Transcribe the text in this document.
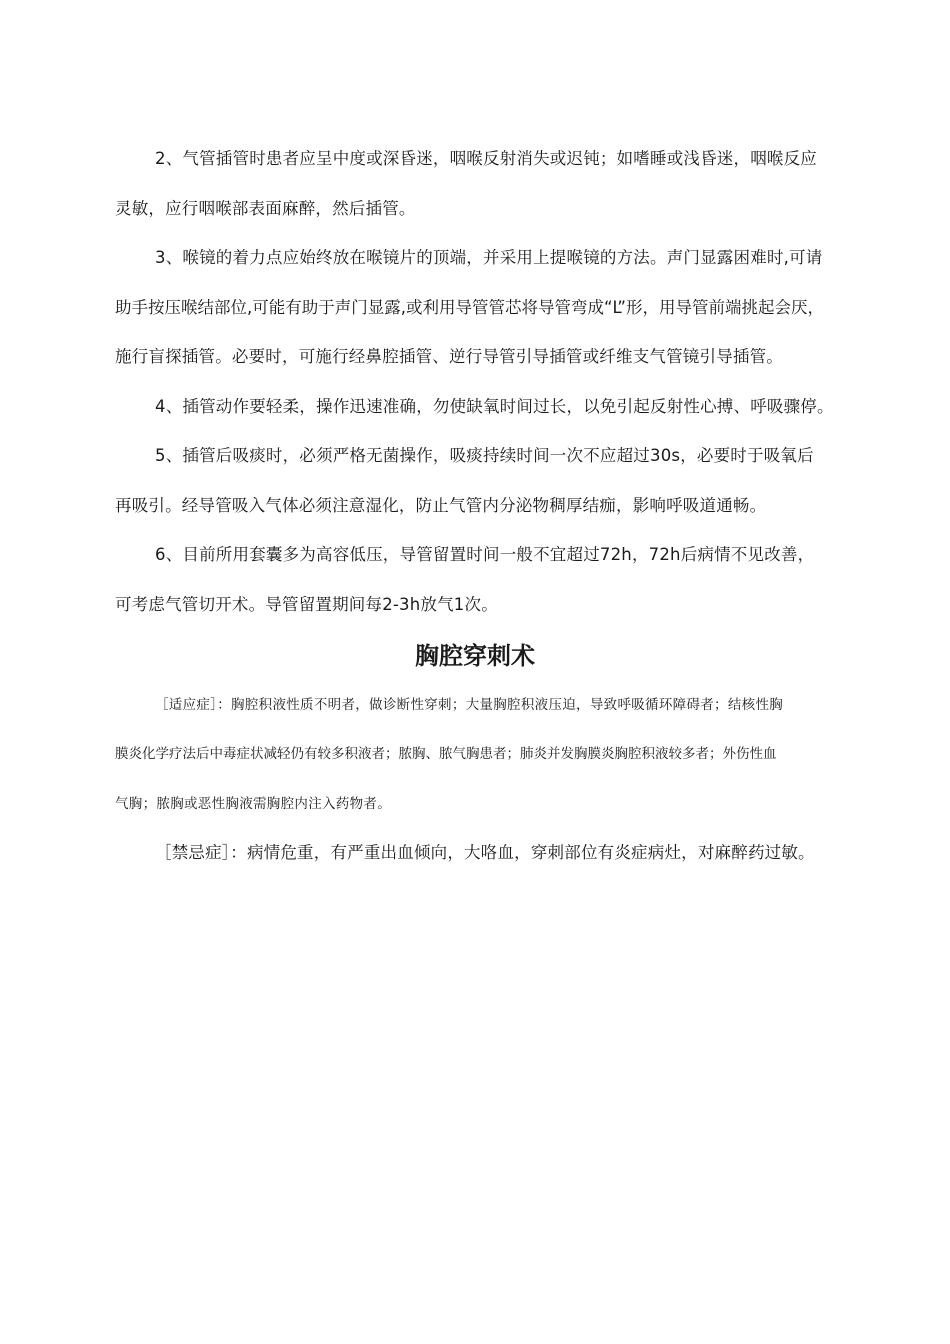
2、气管插管时患者应呈中度或深昏迷，咽喉反射消失或迟钝；如嗜睡或浅昏迷，咽喉反应
灵敏，应行咽喉部表面麻醉，然后插管。
3、喉镜的着力点应始终放在喉镜片的顶端，并采用上提喉镜的方法。声门显露困难时,可请
助手按压喉结部位,可能有助于声门显露,或利用导管管芯将导管弯成“L”形，用导管前端挑起会厌，
施行盲探插管。必要时，可施行经鼻腔插管、逆行导管引导插管或纤维支气管镜引导插管。
4、插管动作要轻柔，操作迅速准确，勿使缺氧时间过长，以免引起反射性心搏、呼吸骤停。
5、插管后吸痰时，必须严格无菌操作，吸痰持续时间一次不应超过30s，必要时于吸氧后
再吸引。经导管吸入气体必须注意湿化，防止气管内分泌物稠厚结痂，影响呼吸道通畅。
6、目前所用套囊多为高容低压，导管留置时间一般不宜超过72h，72h后病情不见改善，
可考虑气管切开术。导管留置期间每2-3h放气1次。
胸腔穿刺术
［适应症］：胸腔积液性质不明者，做诊断性穿刺；大量胸腔积液压迫，导致呼吸循环障碍者；结核性胸
膜炎化学疗法后中毒症状减轻仍有较多积液者；脓胸、脓气胸患者；肺炎并发胸膜炎胸腔积液较多者；外伤性血
气胸；脓胸或恶性胸液需胸腔内注入药物者。
［禁忌症］：病情危重，有严重出血倾向，大咯血，穿刺部位有炎症病灶，对麻醉药过敏。
